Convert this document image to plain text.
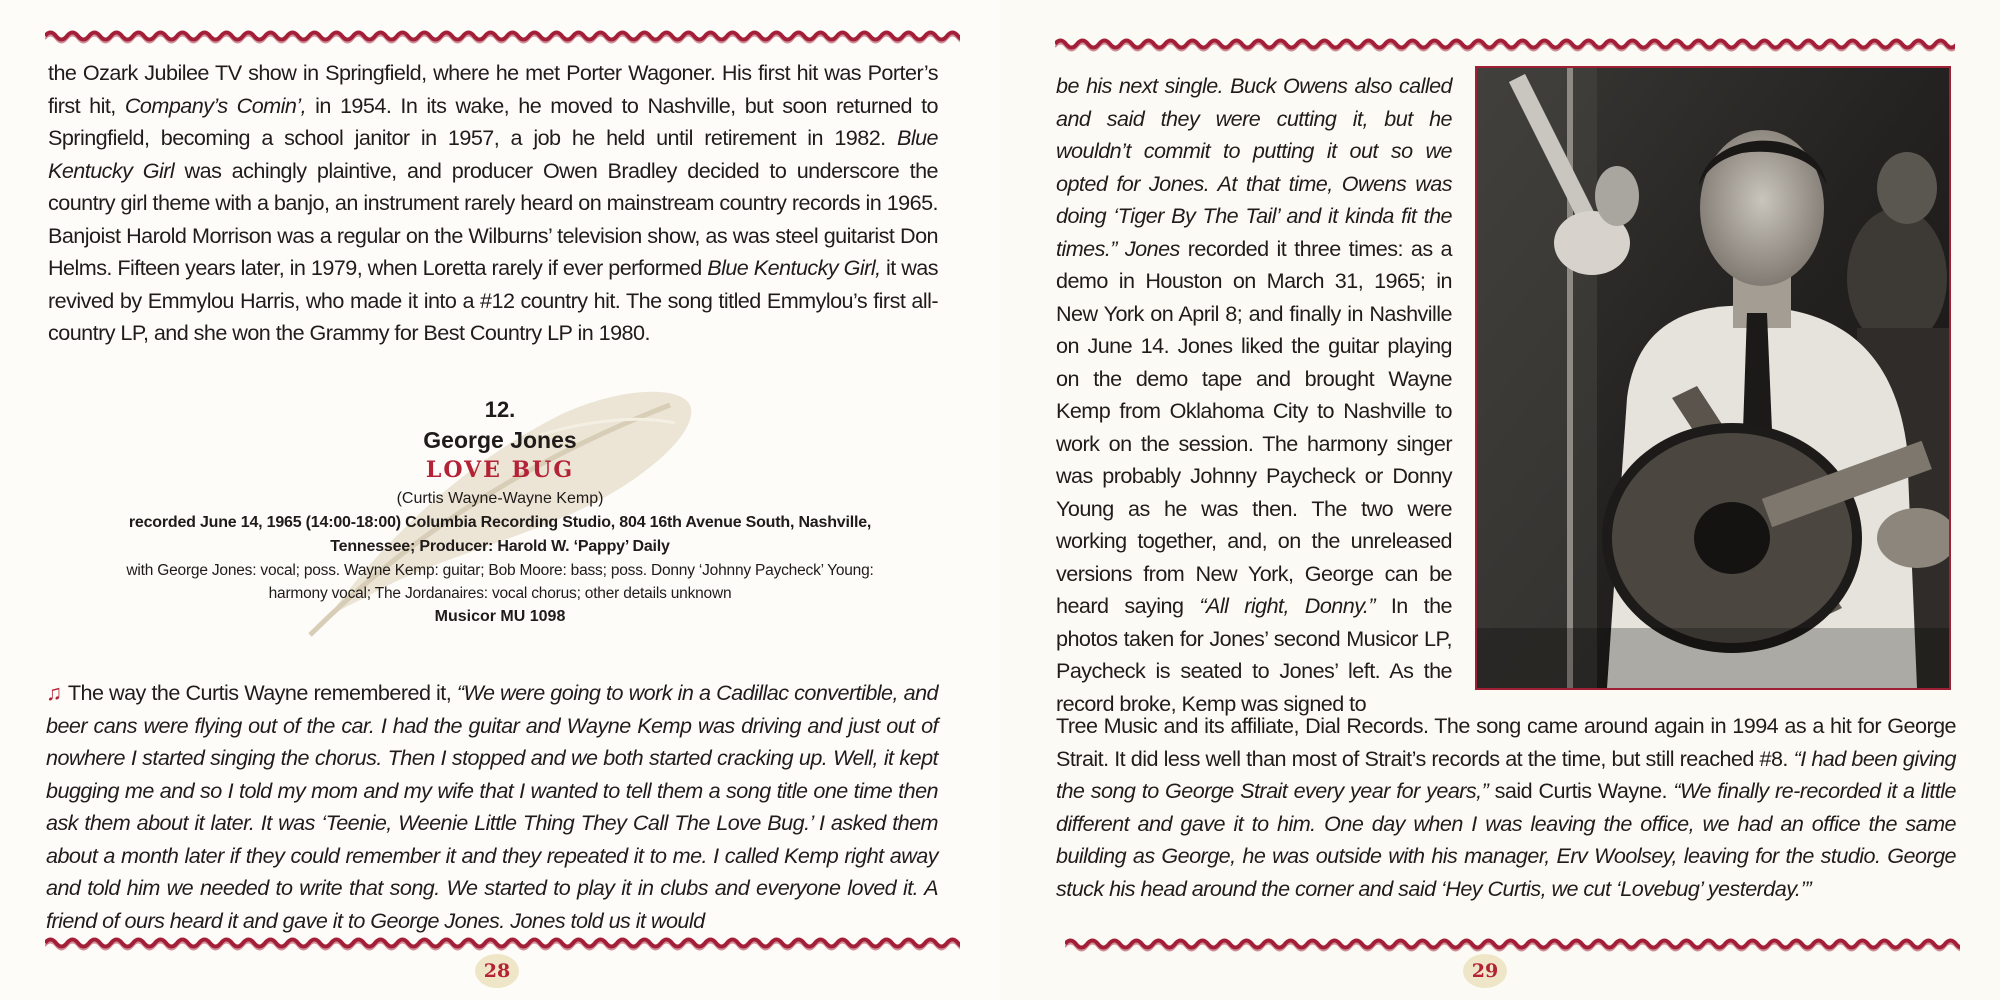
the Ozark Jubilee TV show in Springfield, where he met Porter Wagoner. His first hit was Porter’s first hit, Company’s Comin’, in 1954. In its wake, he moved to Nashville, but soon returned to Springfield, becoming a school janitor in 1957, a job he held until retirement in 1982. Blue Kentucky Girl was achingly plaintive, and producer Owen Bradley decided to underscore the country girl theme with a banjo, an instrument rarely heard on mainstream country records in 1965. Banjoist Harold Morrison was a regular on the Wilburns’ television show, as was steel guitarist Don Helms. Fifteen years later, in 1979, when Loretta rarely if ever performed Blue Kentucky Girl, it was revived by Emmylou Harris, who made it into a #12 country hit. The song titled Emmylou’s first all-country LP, and she won the Grammy for Best Country LP in 1980.

12.
George Jones
LOVE BUG
(Curtis Wayne-Wayne Kemp)
recorded June 14, 1965 (14:00-18:00) Columbia Recording Studio, 804 16th Avenue South, Nashville,
Tennessee; Producer: Harold W. ‘Pappy’ Daily
with George Jones: vocal; poss. Wayne Kemp: guitar; Bob Moore: bass; poss. Donny ‘Johnny Paycheck’ Young:
harmony vocal; The Jordanaires: vocal chorus; other details unknown
Musicor MU 1098

♫ The way the Curtis Wayne remembered it, “We were going to work in a Cadillac convertible, and beer cans were flying out of the car. I had the guitar and Wayne Kemp was driving and just out of nowhere I started singing the chorus. Then I stopped and we both started cracking up. Well, it kept bugging me and so I told my mom and my wife that I wanted to tell them a song title one time then ask them about it later. It was ‘Teenie, Weenie Little Thing They Call The Love Bug.’ I asked them about a month later if they could remember it and they repeated it to me. I called Kemp right away and told him we needed to write that song. We started to play it in clubs and everyone loved it. A friend of ours heard it and gave it to George Jones. Jones told us it would

28

be his next single. Buck Owens also called and said they were cutting it, but he wouldn’t commit to putting it out so we opted for Jones. At that time, Owens was doing ‘Tiger By The Tail’ and it kinda fit the times.” Jones recorded it three times: as a demo in Houston on March 31, 1965; in New York on April 8; and finally in Nashville on June 14. Jones liked the guitar playing on the demo tape and brought Wayne Kemp from Oklahoma City to Nashville to work on the session. The harmony singer was probably Johnny Paycheck or Donny Young as he was then. The two were working together, and, on the unreleased versions from New York, George can be heard saying “All right, Donny.” In the photos taken for Jones’ second Musicor LP, Paycheck is seated to Jones’ left. As the record broke, Kemp was signed to

Tree Music and its affiliate, Dial Records. The song came around again in 1994 as a hit for George Strait. It did less well than most of Strait’s records at the time, but still reached #8. “I had been giving the song to George Strait every year for years,” said Curtis Wayne. “We finally re-recorded it a little different and gave it to him. One day when I was leaving the office, we had an office the same building as George, he was outside with his manager, Erv Woolsey, leaving for the studio. George stuck his head around the corner and said ‘Hey Curtis, we cut ‘Lovebug’ yesterday.’”

29
